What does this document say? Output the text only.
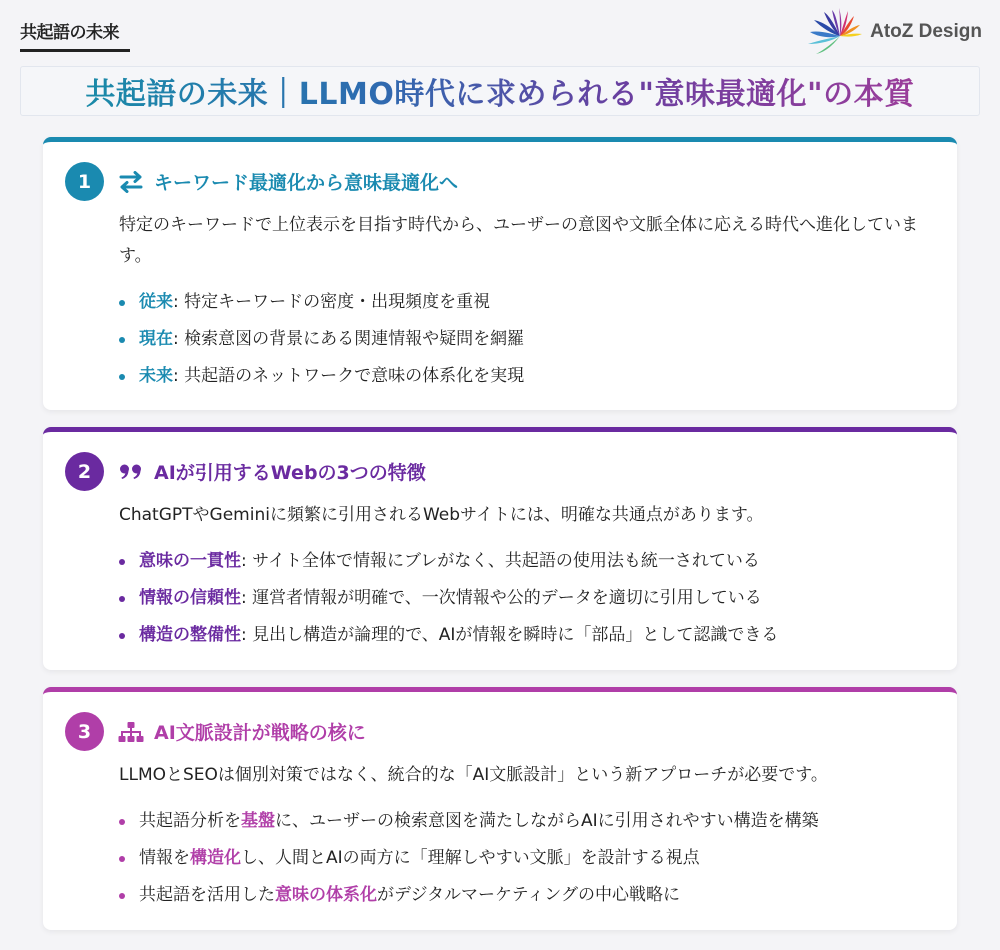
共起語の未来	AtoZ Design
共起語の未来｜LLMO時代に求められる"意味最適化"の本質
1	キーワード最適化から意味最適化へ

特定のキーワードで上位表示を目指す時代から、ユーザーの意図や文脈全体に応える時代へ進化しています。

従来: 特定キーワードの密度・出現頻度を重視
現在: 検索意図の背景にある関連情報や疑問を網羅
未来: 共起語のネットワークで意味の体系化を実現
2	AIが引用するWebの3つの特徴

ChatGPTやGeminiに頻繁に引用されるWebサイトには、明確な共通点があります。

意味の一貫性: サイト全体で情報にブレがなく、共起語の使用法も統一されている
情報の信頼性: 運営者情報が明確で、一次情報や公的データを適切に引用している
構造の整備性: 見出し構造が論理的で、AIが情報を瞬時に「部品」として認識できる
3	AI文脈設計が戦略の核に

LLMOとSEOは個別対策ではなく、統合的な「AI文脈設計」という新アプローチが必要です。

共起語分析を基盤に、ユーザーの検索意図を満たしながらAIに引用されやすい構造を構築
情報を構造化し、人間とAIの両方に「理解しやすい文脈」を設計する視点
共起語を活用した意味の体系化がデジタルマーケティングの中心戦略に
